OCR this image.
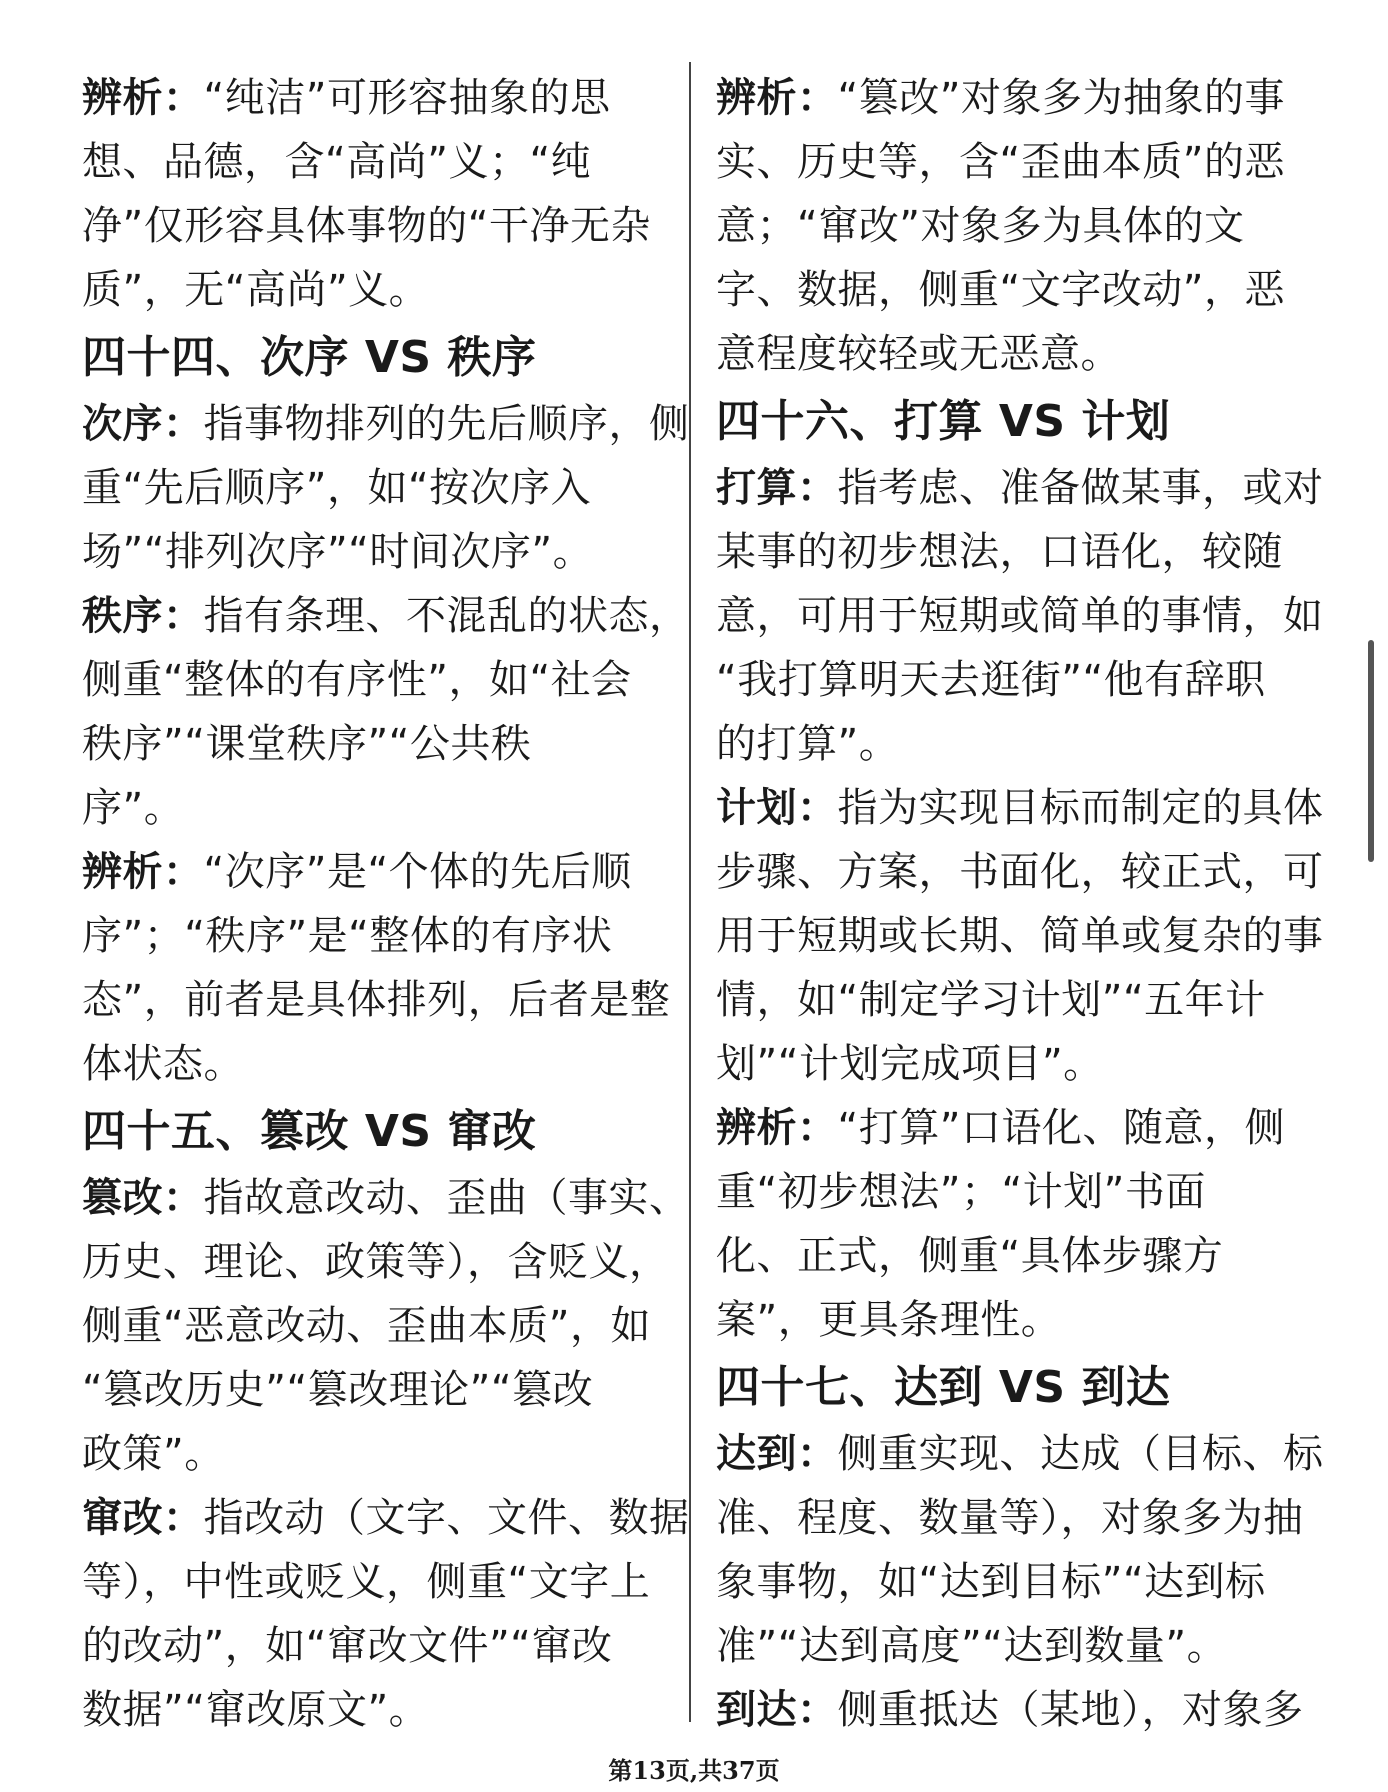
辨析：“纯洁”可形容抽象的思
想、品德，含“高尚”义；“纯
净”仅形容具体事物的“干净无杂
质”，无“高尚”义。
四十四、次序 VS 秩序
次序：指事物排列的先后顺序，侧
重“先后顺序”，如“按次序入
场”“排列次序”“时间次序”。
秩序：指有条理、不混乱的状态，
侧重“整体的有序性”，如“社会
秩序”“课堂秩序”“公共秩
序”。
辨析：“次序”是“个体的先后顺
序”；“秩序”是“整体的有序状
态”，前者是具体排列，后者是整
体状态。
四十五、篡改 VS 窜改
篡改：指故意改动、歪曲（事实、
历史、理论、政策等），含贬义，
侧重“恶意改动、歪曲本质”，如
“篡改历史”“篡改理论”“篡改
政策”。
窜改：指改动（文字、文件、数据
等），中性或贬义，侧重“文字上
的改动”，如“窜改文件”“窜改
数据”“窜改原文”。
辨析：“篡改”对象多为抽象的事
实、历史等，含“歪曲本质”的恶
意；“窜改”对象多为具体的文
字、数据，侧重“文字改动”，恶
意程度较轻或无恶意。
四十六、打算 VS 计划
打算：指考虑、准备做某事，或对
某事的初步想法，口语化，较随
意，可用于短期或简单的事情，如
“我打算明天去逛街”“他有辞职
的打算”。
计划：指为实现目标而制定的具体
步骤、方案，书面化，较正式，可
用于短期或长期、简单或复杂的事
情，如“制定学习计划”“五年计
划”“计划完成项目”。
辨析：“打算”口语化、随意，侧
重“初步想法”；“计划”书面
化、正式，侧重“具体步骤方
案”，更具条理性。
四十七、达到 VS 到达
达到：侧重实现、达成（目标、标
准、程度、数量等），对象多为抽
象事物，如“达到目标”“达到标
准”“达到高度”“达到数量”。
到达：侧重抵达（某地），对象多
第13页,共37页
